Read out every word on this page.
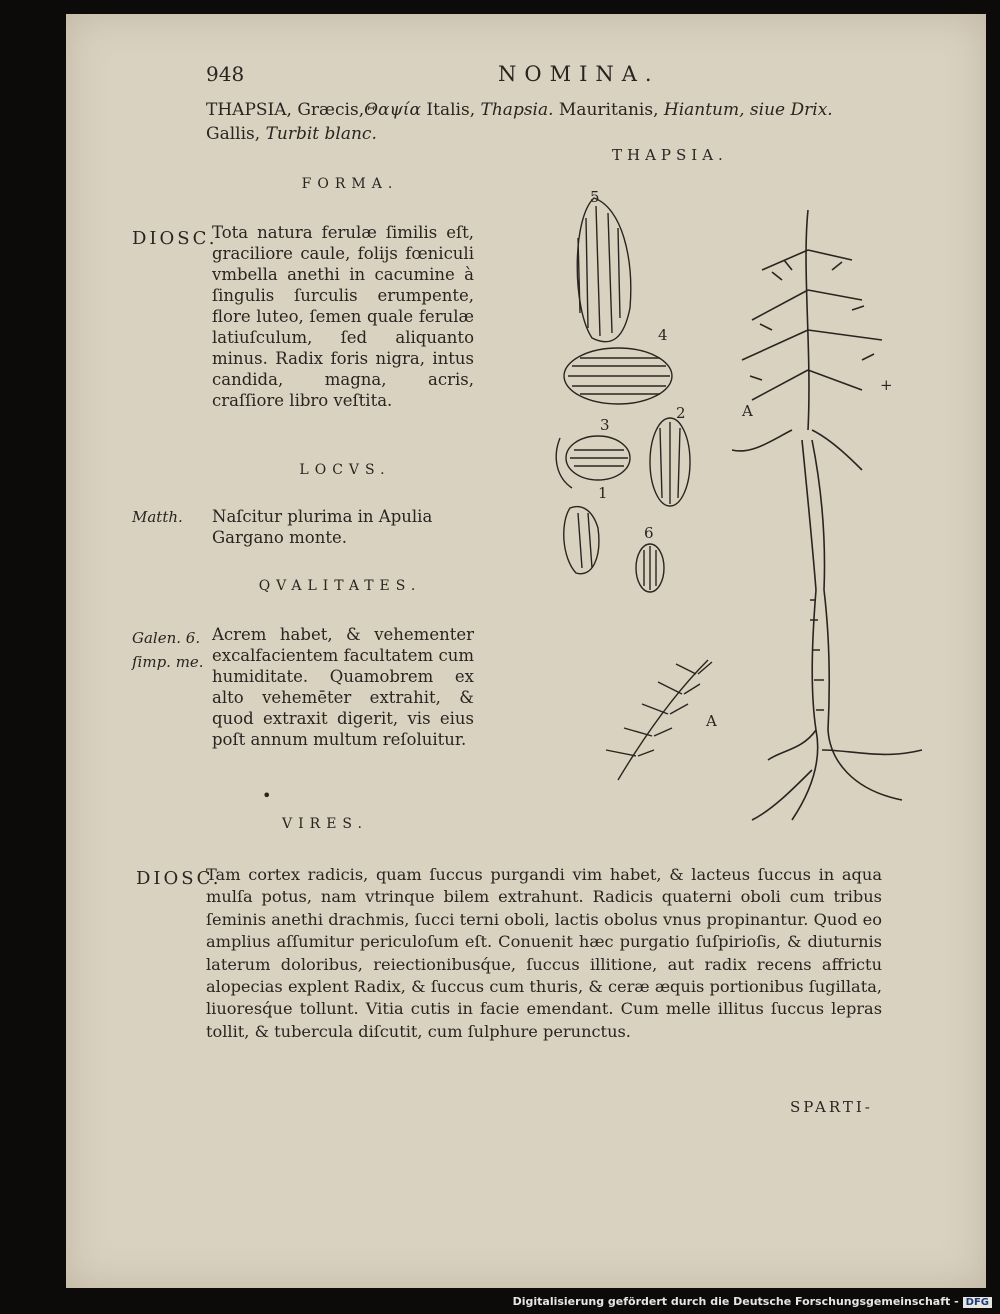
948	NOMINA.
THAPSIA, Græcis,Θαψία Italis, Thapsia. Mauritanis, Hiantum, siue Drix. Gallis, Turbit blanc.
THAPSIA.
FORMA.
DIOSC.
Tota natura ferulæ ſimilis eſt, graciliore caule, folijs fœniculi vmbella anethi in cacumine à ſingulis ſurculis erumpente, flore luteo, ſemen quale ferulæ latiuſculum, ſed aliquanto minus. Radix foris nigra, intus candida, magna, acris, craſſiore libro veſtita.
LOCVS.
Matth. Naſcitur plurima in Apulia Gargano monte.
QVALITATES.
Galen. 6. ſimp. me.
Acrem habet, & vehementer excalfacientem facultatem cum humiditate. Quamobrem ex alto vehemēter extrahit, & quod extraxit digerit, vis eius poſt annum multum reſoluitur.
•
VIRES.
DIOSC.
Tam cortex radicis, quam ſuccus purgandi vim habet, & lacteus ſuccus in aqua mulſa potus, nam vtrinque bilem extrahunt. Radicis quaterni oboli cum tribus ſeminis anethi drachmis, ſucci terni oboli, lactis obolus vnus propinantur. Quod eo amplius aſſumitur periculoſum eſt. Conuenit hæc purgatio ſuſpirioſis, & diuturnis laterum doloribus, reiectionibusq́ue, ſuccus illitione, aut radix recens affrictu alopecias explent Radix, & ſuccus cum thuris, & ceræ æquis portionibus ſugillata, liuoresq́ue tollunt. Vitia cutis in facie emendant. Cum melle illitus ſuccus lepras tollit, & tubercula diſcutit, cum ſulphure perunctus.
SPARTI-
5
4
3
2
1
6
A
+
A
Digitalisierung gefördert durch die Deutsche Forschungsgemeinschaft - DFG
